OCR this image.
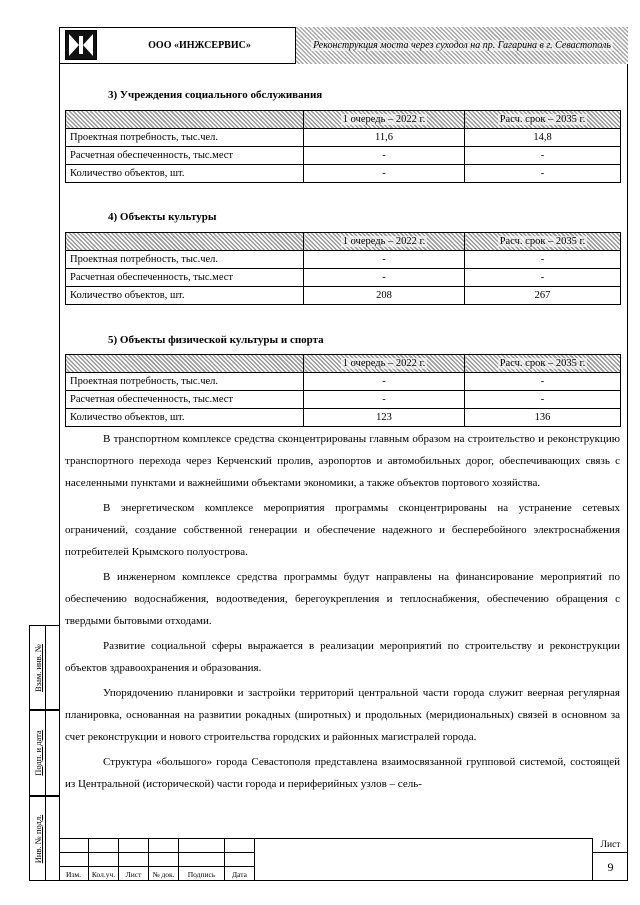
ООО «ИНЖСЕРВИС»	Реконструкция моста через суходол на пр. Гагарина в г. Севастополь
3) Учреждения социального обслуживания
	1 очередь – 2022 г.	Расч. срок – 2035 г.
Проектная потребность, тыс.чел.	11,6	14,8
Расчетная обеспеченность, тыс.мест	-	-
Количество объектов, шт.	-	-
4) Объекты культуры
	1 очередь – 2022 г.	Расч. срок – 2035 г.
Проектная потребность, тыс.чел.	-	-
Расчетная обеспеченность, тыс.мест	-	-
Количество объектов, шт.	208	267
5) Объекты физической культуры и спорта
	1 очередь – 2022 г.	Расч. срок – 2035 г.
Проектная потребность, тыс.чел.	-	-
Расчетная обеспеченность, тыс.мест	-	-
Количество объектов, шт.	123	136

В транспортном комплексе средства сконцентрированы главным образом на строительство и реконструкцию транспортного перехода через Керченский пролив, аэропортов и автомобильных дорог, обеспечивающих связь с населенными пунктами и важнейшими объектами экономики, а также объектов портового хозяйства.

В энергетическом комплексе мероприятия программы сконцентрированы на устранение сетевых ограничений, создание собственной генерации и обеспечение надежного и бесперебойного электроснабжения потребителей Крымского полуострова.

В инженерном комплексе средства программы будут направлены на финансирование мероприятий по обеспечению водоснабжения, водоотведения, берегоукрепления и теплоснабжения, обеспечению обращения с твердыми бытовыми отходами.

Развитие социальной сферы выражается в реализации мероприятий по строительству и реконструкции объектов здравоохранения и образования.

Упорядочению планировки и застройки территорий центральной части города служит веерная регулярная планировка, основанная на развитии рокадных (широтных) и продольных (меридиональных) связей в основном за счет реконструкции и нового строительства городских и районных магистралей города.

Структура «большого» города Севастополя представлена взаимосвязанной групповой системой, состоящей из Центральной (исторической) части города и периферийных узлов – сель-

Взам. инв. №
Подп. и дата
Инв. № подл.
Изм.	Кол.уч.	Лист	№ док.	Подпись	Дата
Лист
9
